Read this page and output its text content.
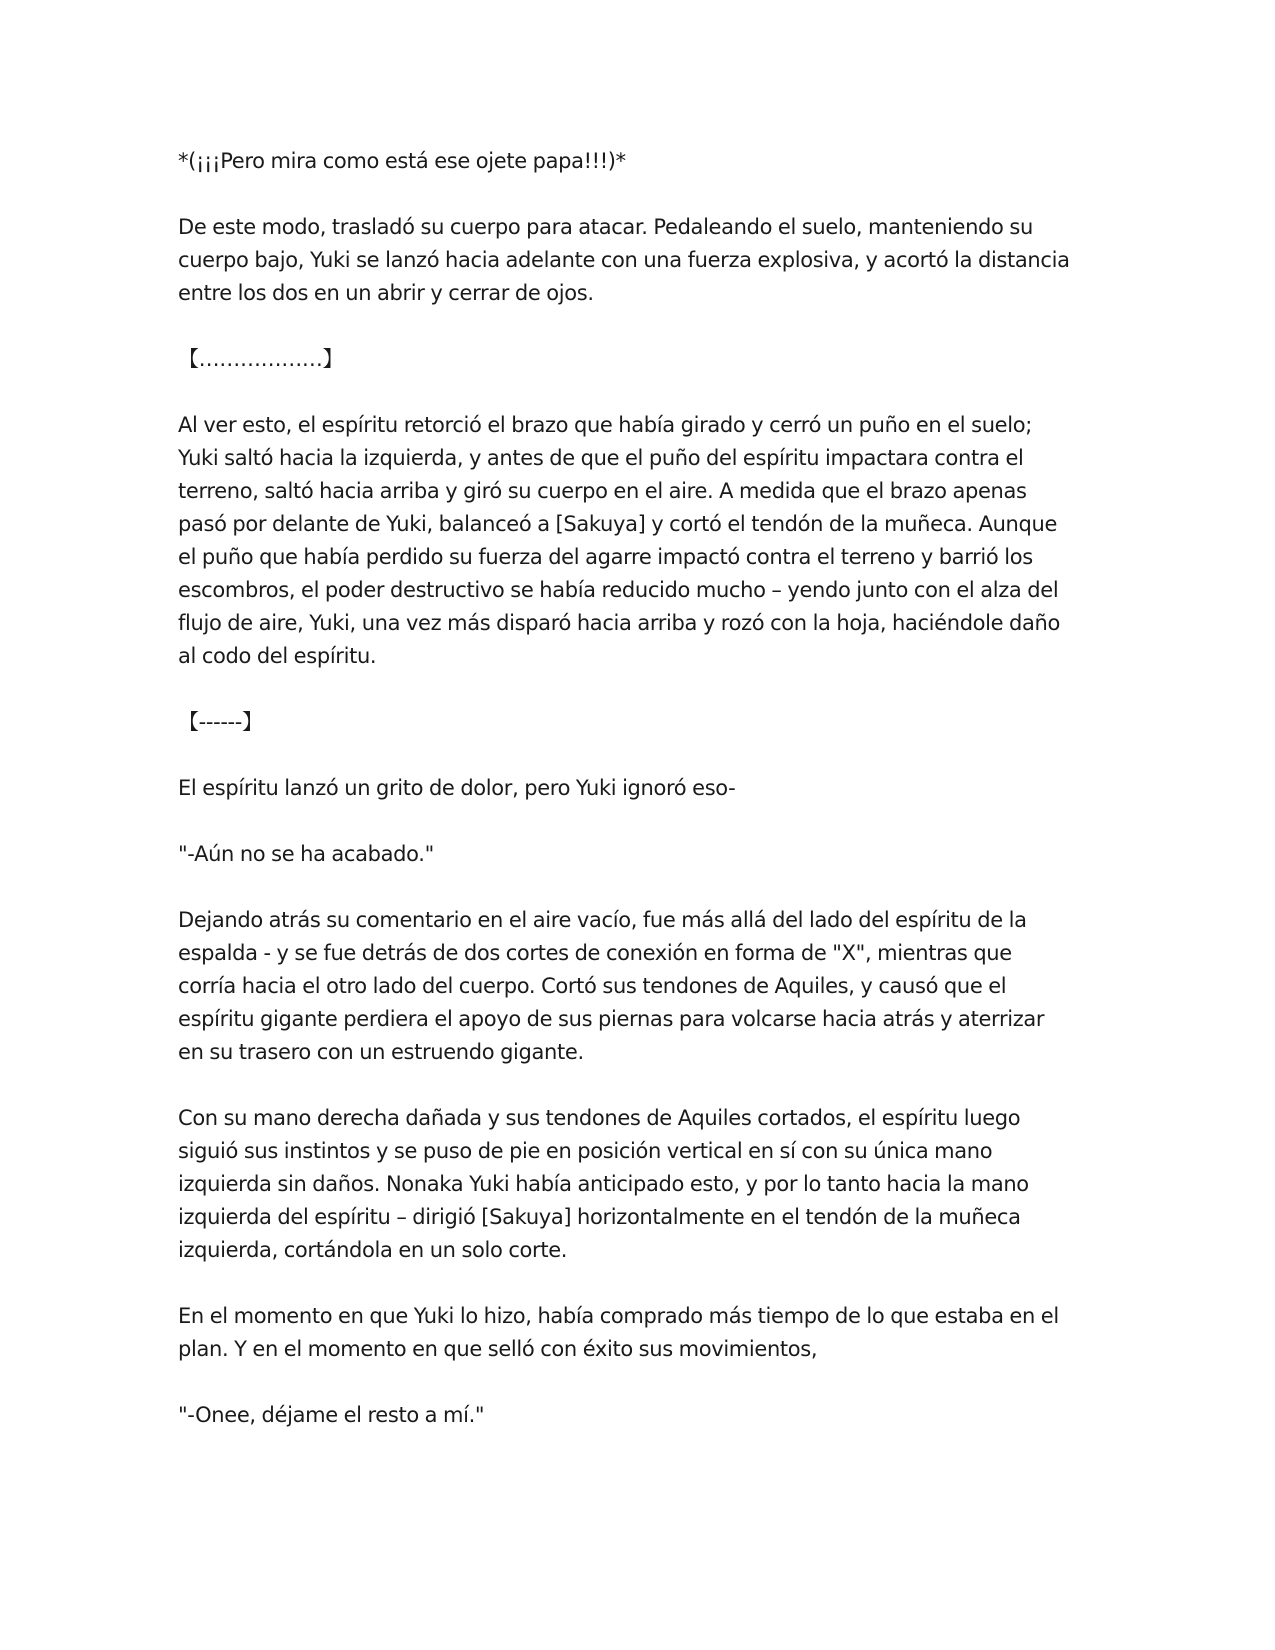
*(¡¡¡Pero mira como está ese ojete papa!!!)*

De este modo, trasladó su cuerpo para atacar. Pedaleando el suelo, manteniendo su cuerpo bajo, Yuki se lanzó hacia adelante con una fuerza explosiva, y acortó la distancia entre los dos en un abrir y cerrar de ojos.

【………………】

Al ver esto, el espíritu retorció el brazo que había girado y cerró un puño en el suelo; Yuki saltó hacia la izquierda, y antes de que el puño del espíritu impactara contra el terreno, saltó hacia arriba y giró su cuerpo en el aire. A medida que el brazo apenas pasó por delante de Yuki, balanceó a [Sakuya] y cortó el tendón de la muñeca. Aunque el puño que había perdido su fuerza del agarre impactó contra el terreno y barrió los escombros, el poder destructivo se había reducido mucho – yendo junto con el alza del flujo de aire, Yuki, una vez más disparó hacia arriba y rozó con la hoja, haciéndole daño al codo del espíritu.

【------】

El espíritu lanzó un grito de dolor, pero Yuki ignoró eso-

"-Aún no se ha acabado."

Dejando atrás su comentario en el aire vacío, fue más allá del lado del espíritu de la espalda - y se fue detrás de dos cortes de conexión en forma de "X", mientras que corría hacia el otro lado del cuerpo. Cortó sus tendones de Aquiles, y causó que el espíritu gigante perdiera el apoyo de sus piernas para volcarse hacia atrás y aterrizar en su trasero con un estruendo gigante.

Con su mano derecha dañada y sus tendones de Aquiles cortados, el espíritu luego siguió sus instintos y se puso de pie en posición vertical en sí con su única mano izquierda sin daños. Nonaka Yuki había anticipado esto, y por lo tanto hacia la mano izquierda del espíritu – dirigió [Sakuya] horizontalmente en el tendón de la muñeca izquierda, cortándola en un solo corte.

En el momento en que Yuki lo hizo, había comprado más tiempo de lo que estaba en el plan. Y en el momento en que selló con éxito sus movimientos,

"-Onee, déjame el resto a mí."
